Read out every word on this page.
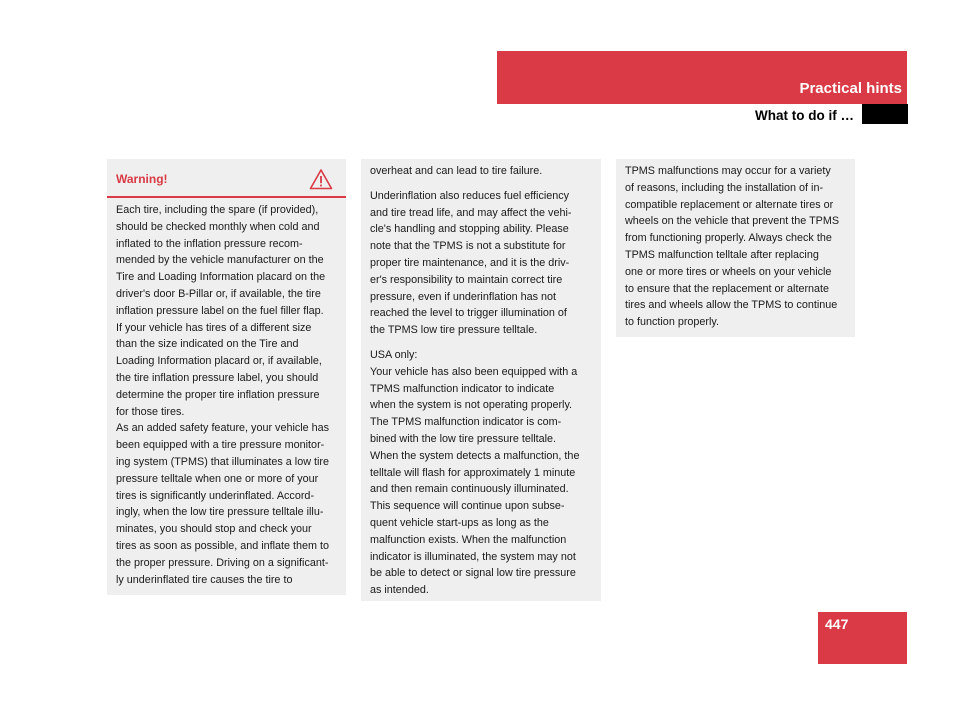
Practical hints
What to do if …
Warning!

Each tire, including the spare (if provided),
should be checked monthly when cold and
inflated to the inflation pressure recom-
mended by the vehicle manufacturer on the
Tire and Loading Information placard on the
driver's door B-Pillar or, if available, the tire
inflation pressure label on the fuel filler flap.
If your vehicle has tires of a different size
than the size indicated on the Tire and
Loading Information placard or, if available,
the tire inflation pressure label, you should
determine the proper tire inflation pressure
for those tires.
As an added safety feature, your vehicle has
been equipped with a tire pressure monitor-
ing system (TPMS) that illuminates a low tire
pressure telltale when one or more of your
tires is significantly underinflated. Accord-
ingly, when the low tire pressure telltale illu-
minates, you should stop and check your
tires as soon as possible, and inflate them to
the proper pressure. Driving on a significant-
ly underinflated tire causes the tire to

overheat and can lead to tire failure.

Underinflation also reduces fuel efficiency
and tire tread life, and may affect the vehi-
cle's handling and stopping ability. Please
note that the TPMS is not a substitute for
proper tire maintenance, and it is the driv-
er's responsibility to maintain correct tire
pressure, even if underinflation has not
reached the level to trigger illumination of
the TPMS low tire pressure telltale.

USA only:
Your vehicle has also been equipped with a
TPMS malfunction indicator to indicate
when the system is not operating properly.
The TPMS malfunction indicator is com-
bined with the low tire pressure telltale.
When the system detects a malfunction, the
telltale will flash for approximately 1 minute
and then remain continuously illuminated.
This sequence will continue upon subse-
quent vehicle start-ups as long as the
malfunction exists. When the malfunction
indicator is illuminated, the system may not
be able to detect or signal low tire pressure
as intended.

TPMS malfunctions may occur for a variety
of reasons, including the installation of in-
compatible replacement or alternate tires or
wheels on the vehicle that prevent the TPMS
from functioning properly. Always check the
TPMS malfunction telltale after replacing
one or more tires or wheels on your vehicle
to ensure that the replacement or alternate
tires and wheels allow the TPMS to continue
to function properly.

447
